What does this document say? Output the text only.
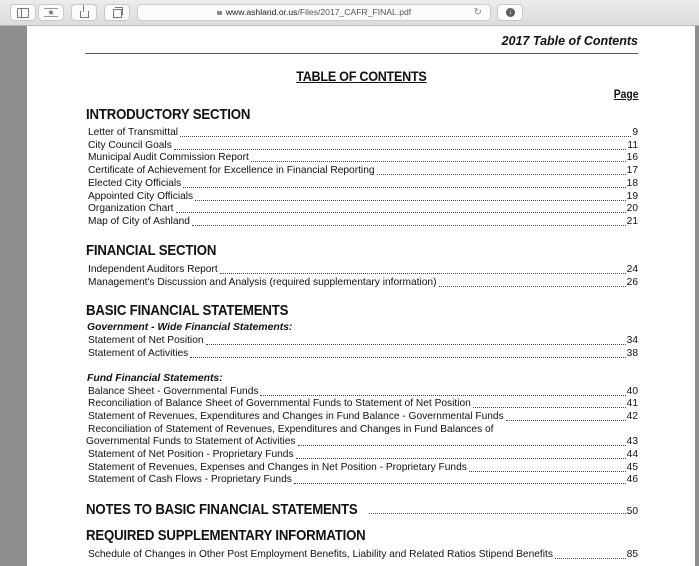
★	www.ashland.or.us/Files/2017_CAFR_FINAL.pdf	↻	↓
2017 Table of Contents
TABLE OF CONTENTS
Page
INTRODUCTORY SECTION
Letter of Transmittal	9
City Council Goals	11
Municipal Audit Commission Report	16
Certificate of Achievement for Excellence in Financial Reporting	17
Elected City Officials	18
Appointed City Officials	19
Organization Chart	20
Map of City of Ashland	21
FINANCIAL SECTION
Independent Auditors Report	24
Management's Discussion and Analysis (required supplementary information)	26
BASIC FINANCIAL STATEMENTS
Government - Wide Financial Statements:
Statement of Net Position	34
Statement of Activities	38
Fund Financial Statements:
Balance Sheet - Governmental Funds	40
Reconciliation of Balance Sheet of Governmental Funds to Statement of Net Position	41
Statement of Revenues, Expenditures and Changes in Fund Balance - Governmental Funds	42
Reconciliation of Statement of Revenues, Expenditures and Changes in Fund Balances of
Governmental Funds to Statement of Activities	43
Statement of Net Position - Proprietary Funds	44
Statement of Revenues, Expenses and Changes in Net Position - Proprietary Funds	45
Statement of Cash Flows - Proprietary Funds	46
NOTES TO BASIC FINANCIAL STATEMENTS	50
REQUIRED SUPPLEMENTARY INFORMATION
Schedule of Changes in Other Post Employment Benefits, Liability and Related Ratios Stipend Benefits	85
